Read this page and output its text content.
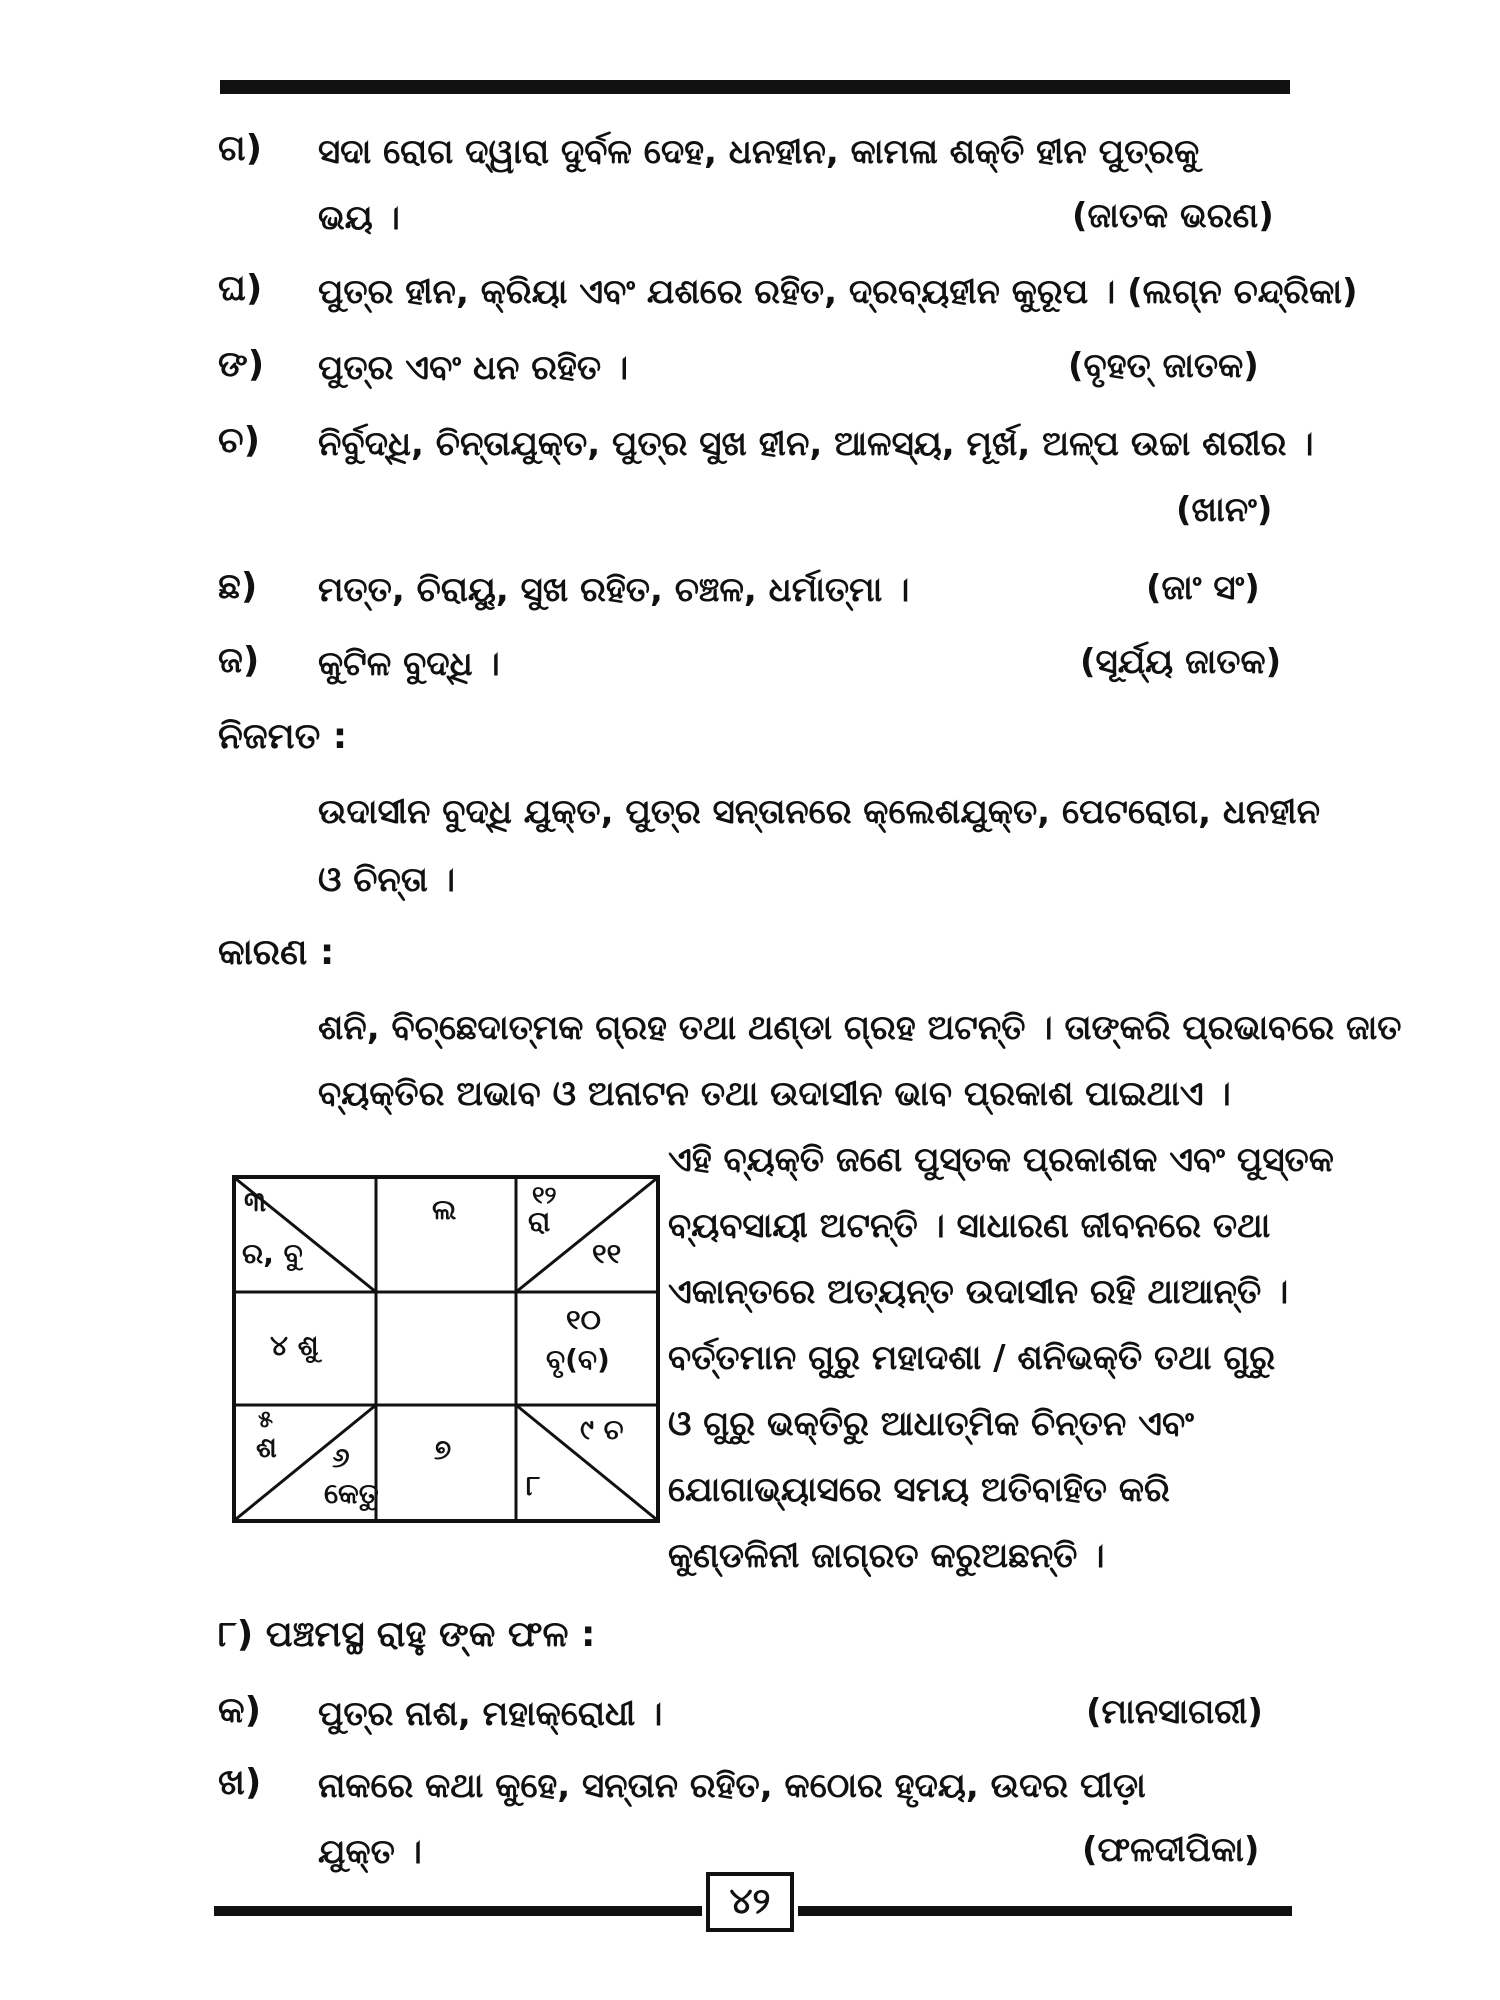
ଗ) ସଦା ରୋଗ ଦ୍ୱାରା ଦୁର୍ବଳ ଦେହ, ଧନହୀନ, କାମଳା ଶକ୍ତି ହୀନ ପୁତ୍ରକୁ
ଭୟ ।	(ଜାତକ ଭରଣ)
ଘ) ପୁତ୍ର ହୀନ, କ୍ରିୟା ଏବଂ ଯଶରେ ରହିତ, ଦ୍ରବ୍ୟହୀନ କୁରୂପ । (ଲଗ୍ନ ଚନ୍ଦ୍ରିକା)
ଙ) ପୁତ୍ର ଏବଂ ଧନ ରହିତ ।	(ବୃହତ୍ ଜାତକ)
ଚ) ନିର୍ବୁଦ୍ଧି, ଚିନ୍ତାଯୁକ୍ତ, ପୁତ୍ର ସୁଖ ହୀନ, ଆଳସ୍ୟ, ମୂର୍ଖ, ଅଳ୍ପ ଉଚ୍ଚା ଶରୀର ।
(ଖାନଂ)
ଛ) ମତ୍ତ, ଚିରାୟୁ, ସୁଖ ରହିତ, ଚଞ୍ଚଳ, ଧର୍ମାତ୍ମା ।	(ଜାଂ ସଂ)
ଜ) କୁଟିଳ ବୁଦ୍ଧି ।	(ସୂର୍ଯ୍ୟ ଜାତକ)
ନିଜମତ :
ଉଦାସୀନ ବୁଦ୍ଧି ଯୁକ୍ତ, ପୁତ୍ର ସନ୍ତାନରେ କ୍ଲେଶଯୁକ୍ତ, ପେଟରୋଗ, ଧନହୀନ
ଓ ଚିନ୍ତା ।
କାରଣ :
ଶନି, ବିଚ୍ଛେଦାତ୍ମକ ଗ୍ରହ ତଥା ଥଣ୍ଡା ଗ୍ରହ ଅଟନ୍ତି । ତାଙ୍କରି ପ୍ରଭାବରେ ଜାତ
ବ୍ୟକ୍ତିର ଅଭାବ ଓ ଅନାଟନ ତଥା ଉଦାସୀନ ଭାବ ପ୍ରକାଶ ପାଇଥାଏ ।
୩
ର, ବୁ
ଲ	୧୨
ରା
୧୧
୪ ଶୁ
୧୦
ବୃ(ବ)
୫
ଶ ୬
କେତୁ
୭
୯ ଚ
୮
ଏହି ବ୍ୟକ୍ତି ଜଣେ ପୁସ୍ତକ ପ୍ରକାଶକ ଏବଂ ପୁସ୍ତକ
ବ୍ୟବସାୟୀ ଅଟନ୍ତି । ସାଧାରଣ ଜୀବନରେ ତଥା
ଏକାନ୍ତରେ ଅତ୍ୟନ୍ତ ଉଦାସୀନ ରହି ଥାଆନ୍ତି ।
ବର୍ତ୍ତମାନ ଗୁରୁ ମହାଦଶା / ଶନିଭକ୍ତି ତଥା ଗୁରୁ
ଓ ଗୁରୁ ଭକ୍ତିରୁ ଆଧାତ୍ମିକ ଚିନ୍ତନ ଏବଂ
ଯୋଗାଭ୍ୟାସରେ ସମୟ ଅତିବାହିତ କରି
କୁଣ୍ଡଳିନୀ ଜାଗ୍ରତ କରୁଅଛନ୍ତି ।
୮) ପଞ୍ଚମସ୍ଥ ରାହୁ ଙ୍କ ଫଳ :
କ) ପୁତ୍ର ନାଶ, ମହାକ୍ରୋଧୀ ।	(ମାନସାଗରୀ)
ଖ) ନାକରେ କଥା କୁହେ, ସନ୍ତାନ ରହିତ, କଠୋର ହୃଦୟ, ଉଦର ପୀଡ଼ା
ଯୁକ୍ତ ।	(ଫଳଦୀପିକା)
୪୨
